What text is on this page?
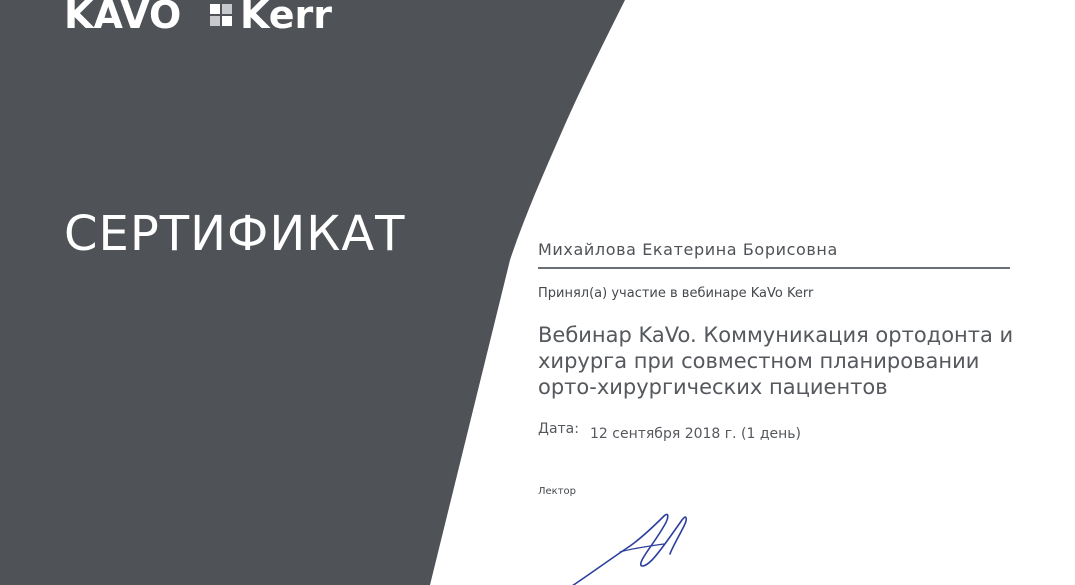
KAVO Kerr
СЕРТИФИКАТ	Михайлова Екатерина Борисовна
Принял(а) участие в вебинаре KaVo Kerr
Вебинар KaVo. Коммуникация ортодонта и хирурга при совместном планировании орто-хирургических пациентов
Дата: 12 сентября 2018 г. (1 день)
Лектор
